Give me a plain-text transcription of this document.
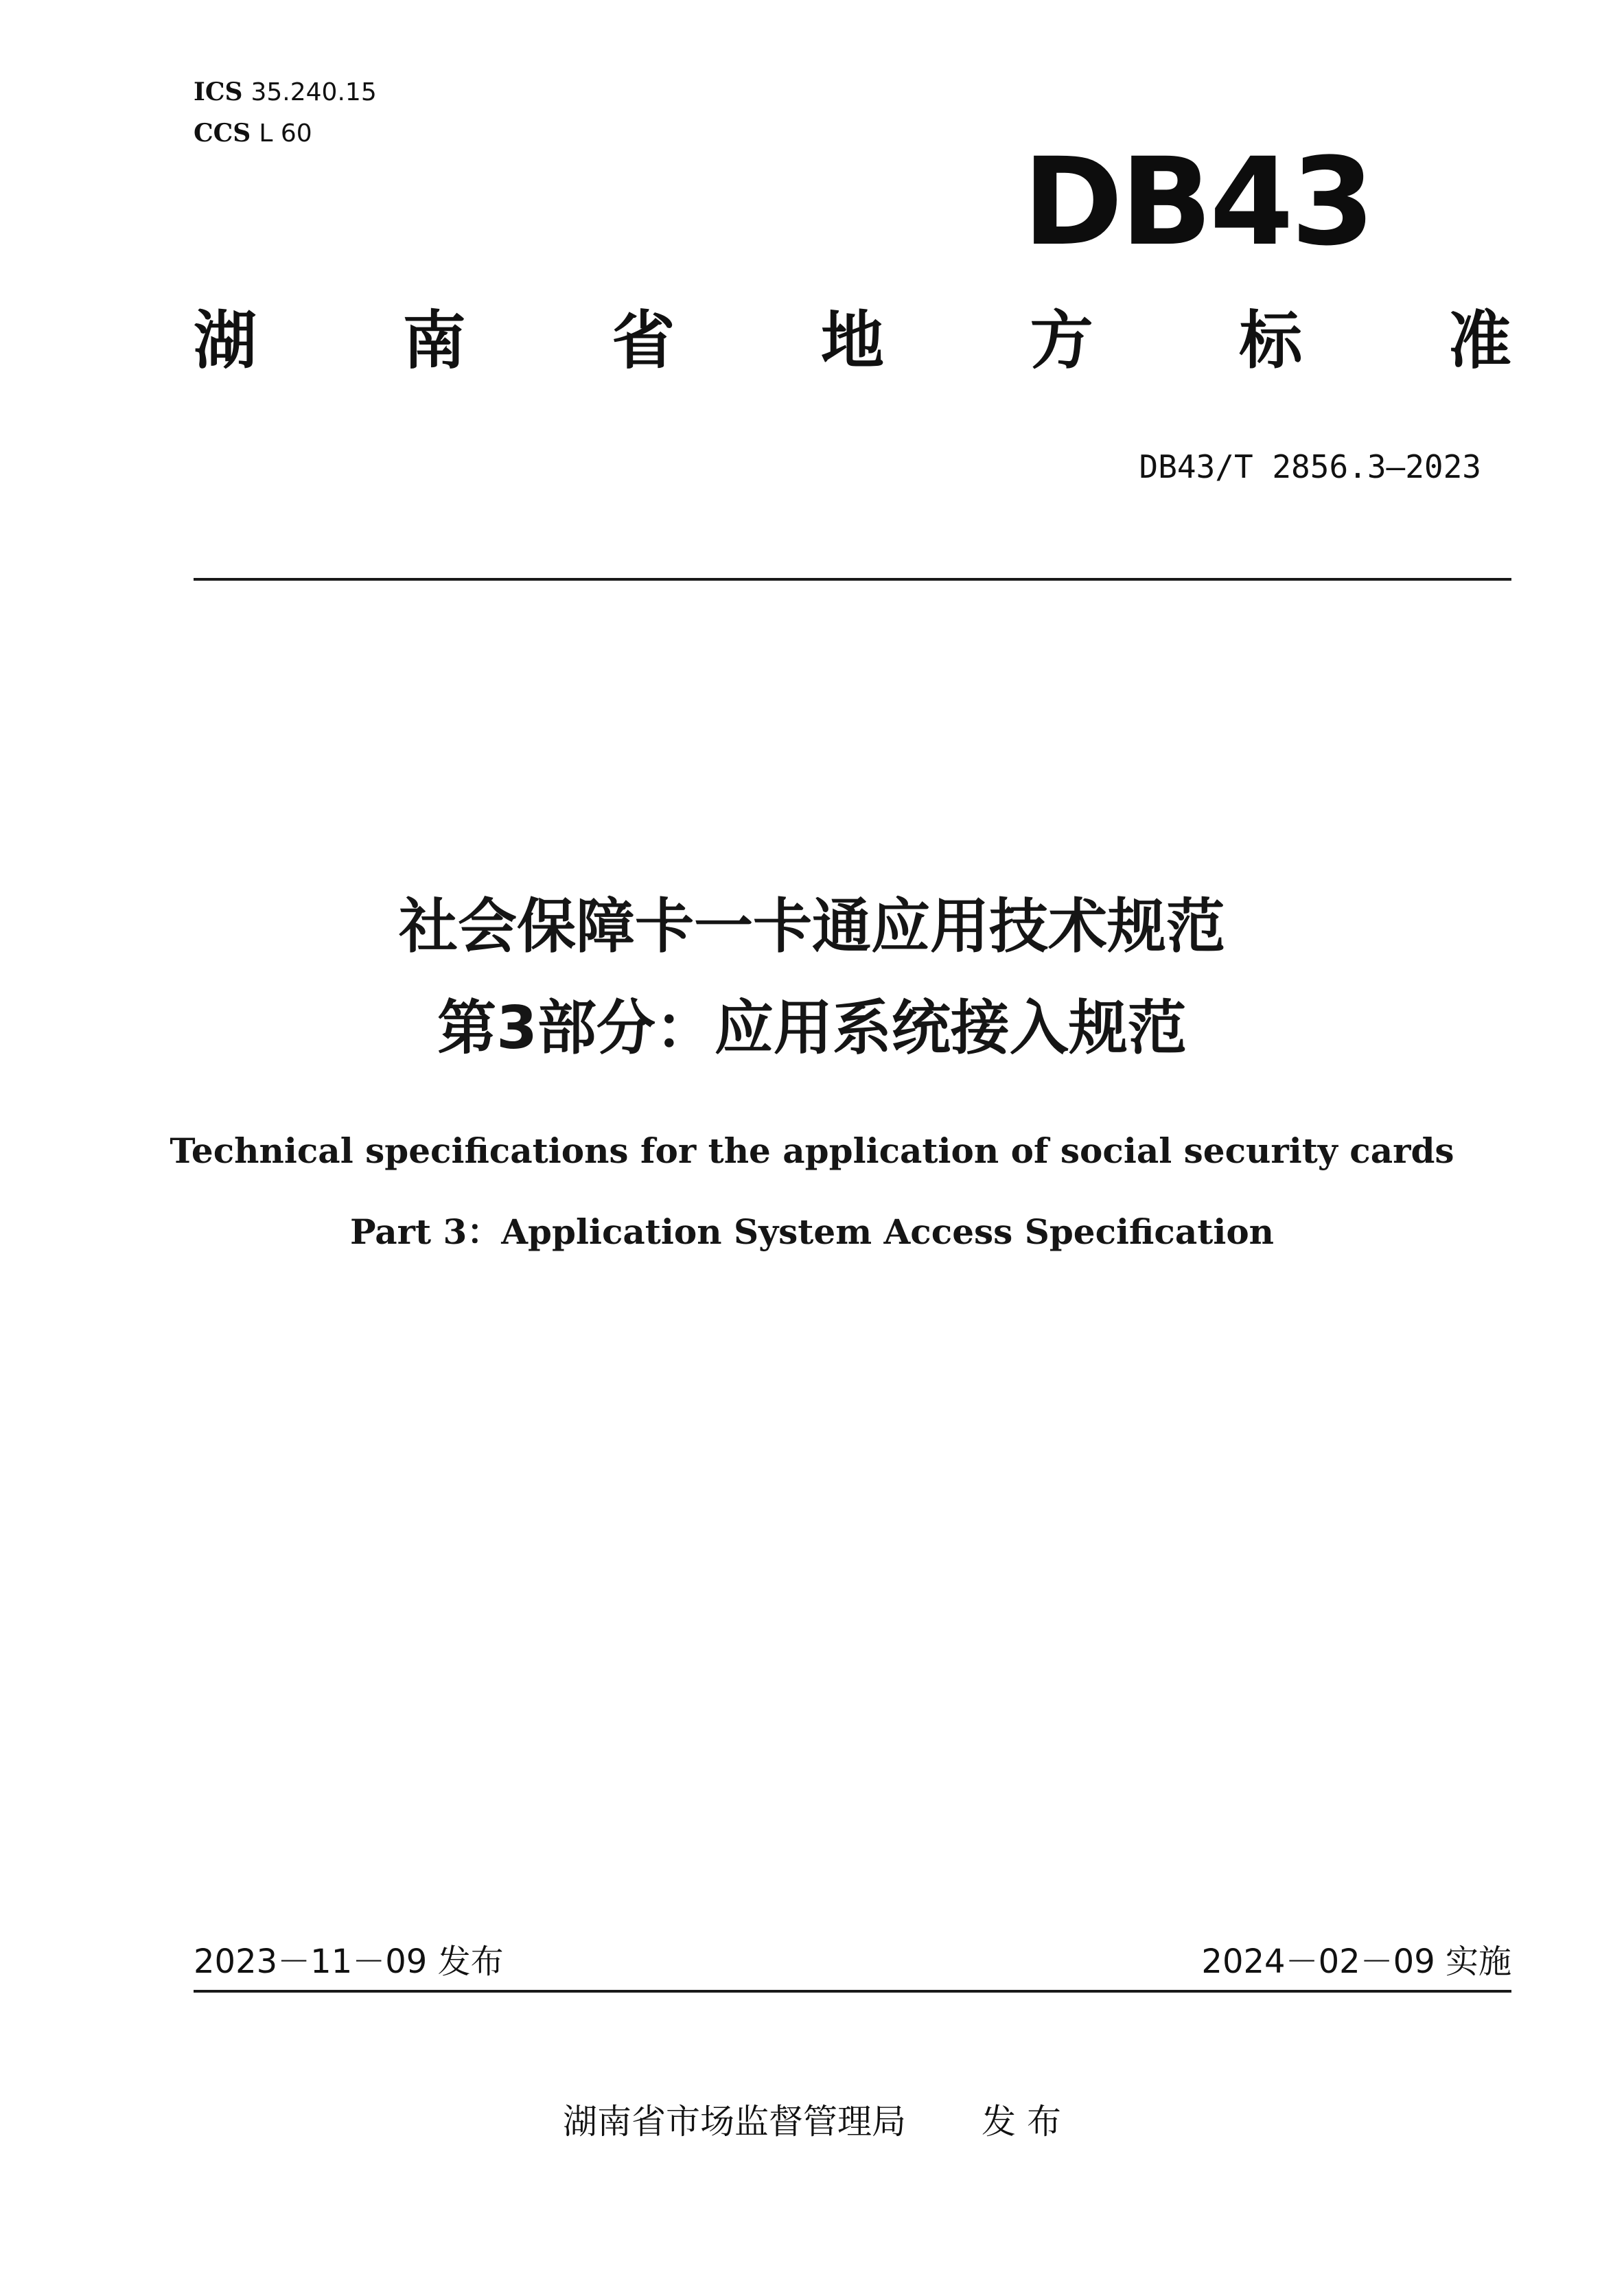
ICS 35.240.15
CCS L 60	DB43
湖 南 省 地 方 标 准
DB43/T 2856.3—2023
社会保障卡一卡通应用技术规范
第3部分：应用系统接入规范
Technical specifications for the application of social security cards
Part 3：Application System Access Specification
2023－11－09 发布	2024－02－09 实施
湖南省市场监督管理局 发 布
